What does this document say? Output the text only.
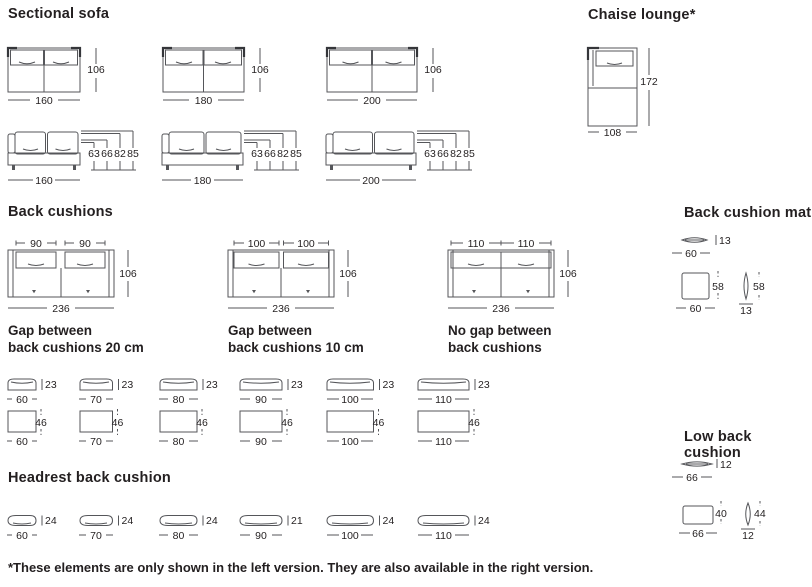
Sectional sofa	Chaise lounge*
160
106
180
106
200
106
63 66 82 85
160
63 66 82 85
180
63 66 82 85
200
172
108
Back cushions
90	90
106
236
100	100
106
236
110	110
106
236
Gap between
back cushions 20 cm
Gap between
back cushions 10 cm
No gap between
back cushions
23
60
23
70
23
80
23
90
23
100
23
110
46
60
46
70
46
80
46
90
46
100
46
110
Back cushion mat
13
60
58
60
58
13
Headrest back cushion
24
60
24
70
24
80
21
90
24
100
24
110
Low back cushion
12
66
40
66
44
12
*These elements are only shown in the left version. They are also available in the right version.
